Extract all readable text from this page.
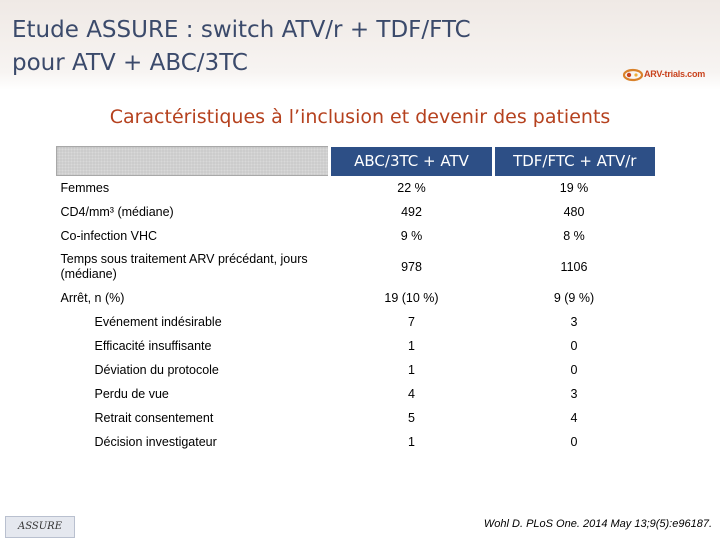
Etude ASSURE : switch ATV/r + TDF/FTC
pour ATV + ABC/3TC	ARV-trials.com
Caractéristiques à l’inclusion et devenir des patients
	ABC/3TC + ATV	TDF/FTC + ATV/r
Femmes	22 %	19 %
CD4/mm³ (médiane)	492	480
Co-infection VHC	9 %	8 %
Temps sous traitement ARV précédant, jours (médiane)	978	1106
Arrêt, n (%)	19 (10 %)	9 (9 %)
Evénement indésirable	7	3
Efficacité insuffisante	1	0
Déviation du protocole	1	0
Perdu de vue	4	3
Retrait consentement	5	4
Décision investigateur	1	0
ASSURE	Wohl D. PLoS One. 2014 May 13;9(5):e96187.
